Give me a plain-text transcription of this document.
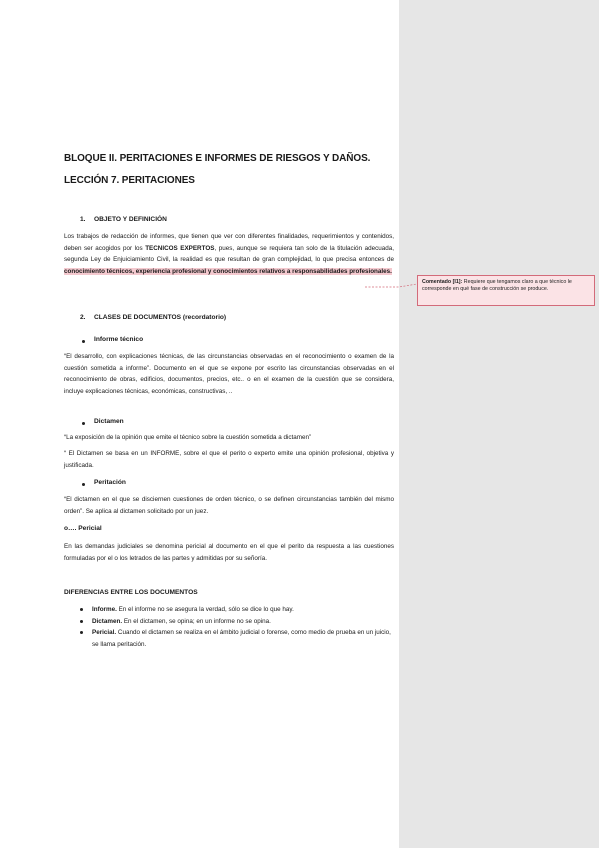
BLOQUE II. PERITACIONES E INFORMES DE RIESGOS Y DAÑOS.
LECCIÓN 7. PERITACIONES
1. OBJETO Y DEFINICIÓN

Los trabajos de redacción de informes, que tienen que ver con diferentes finalidades, requerimientos y contenidos, deben ser acogidos por los TECNICOS EXPERTOS, pues, aunque se requiera tan solo de la titulación adecuada, segunda Ley de Enjuiciamiento Civil, la realidad es que resultan de gran complejidad, lo que precisa entonces de conocimiento técnicos, experiencia profesional y conocimientos relativos a responsabilidades profesionales.

2. CLASES DE DOCUMENTOS (recordatorio)
Informe técnico

“El desarrollo, con explicaciones técnicas, de las circunstancias observadas en el reconocimiento o examen de la cuestión sometida a informe”. Documento en el que se expone por escrito las circunstancias observadas en el reconocimiento de obras, edificios, documentos, precios, etc.. o en el examen de la cuestión que se considera, incluye explicaciones técnicas, económicas, constructivas, ..

Dictamen

“La exposición de la opinión que emite el técnico sobre la cuestión sometida a dictamen”

“ El Dictamen se basa en un INFORME, sobre el que el perito o experto emite una opinión profesional, objetiva y justificada.

Peritación

“El dictamen en el que se disciernen cuestiones de orden técnico, o se definen circunstancias también del mismo orden”. Se aplica al dictamen solicitado por un juez.

o…. Pericial

En las demandas judiciales se denomina pericial al documento en el que el perito da respuesta a las cuestiones formuladas por el o los letrados de las partes y admitidas por su señoría.

DIFERENCIAS ENTRE LOS DOCUMENTOS
Informe. En el informe no se asegura la verdad, sólo se dice lo que hay.
Dictamen. En el dictamen, se opina; en un informe no se opina.
Pericial. Cuando el dictamen se realiza en el ámbito judicial o forense, como medio de prueba en un juicio, se llama peritación.
Comentado [I1]: Requiere que tengamos claro a que técnico le corresponde en qué fase de construcción se produce.
